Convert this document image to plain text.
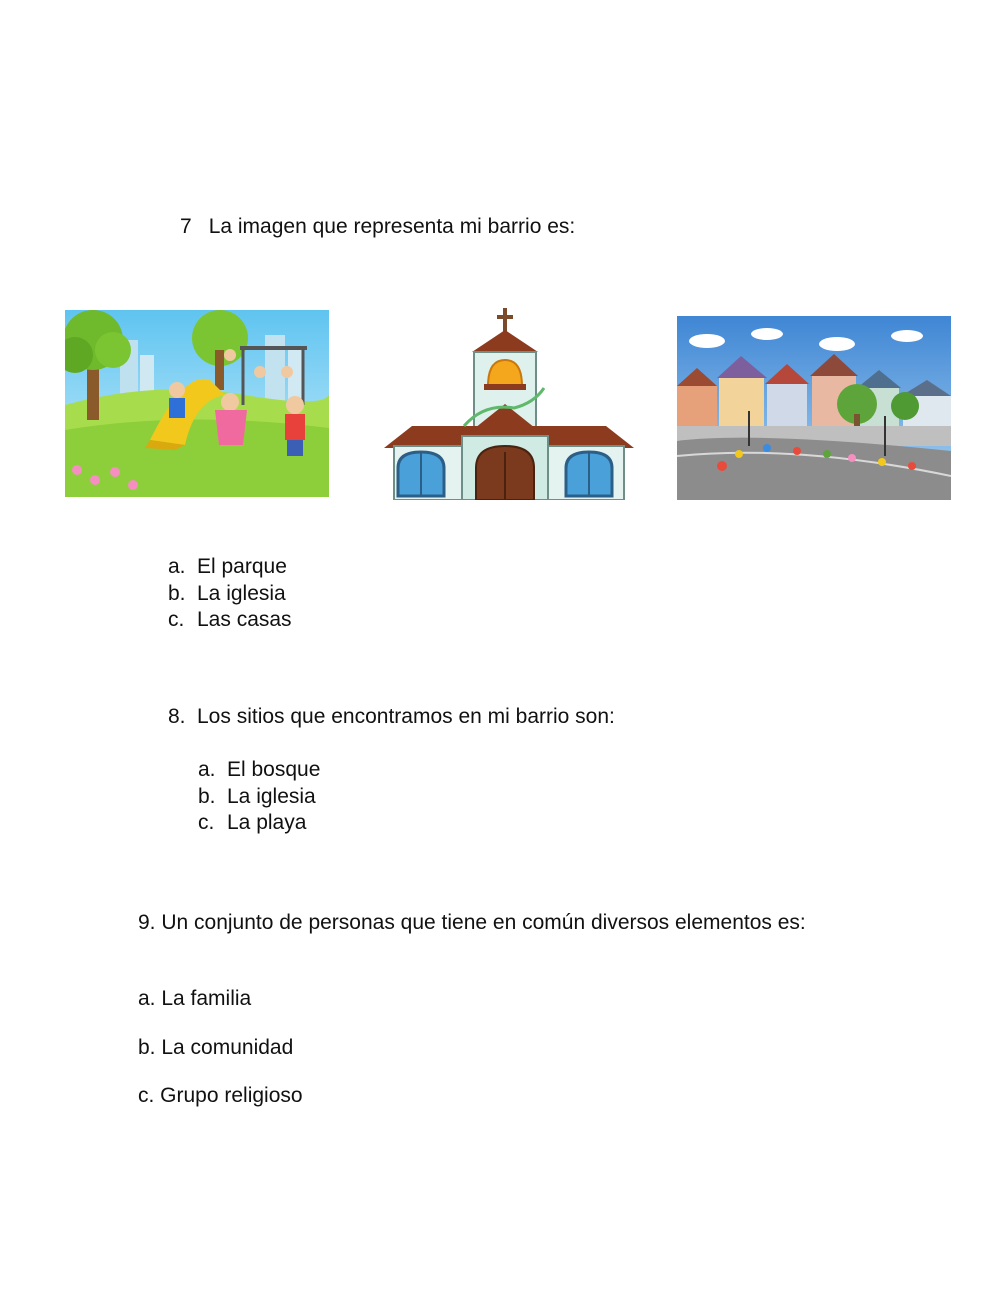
7 La imagen que representa mi barrio es:
a. El parque
b. La iglesia
c. Las casas
8. Los sitios que encontramos en mi barrio son:
a. El bosque
b. La iglesia
c. La playa
9. Un conjunto de personas que tiene en común diversos elementos es:
a. La familia
b. La comunidad
c. Grupo religioso
